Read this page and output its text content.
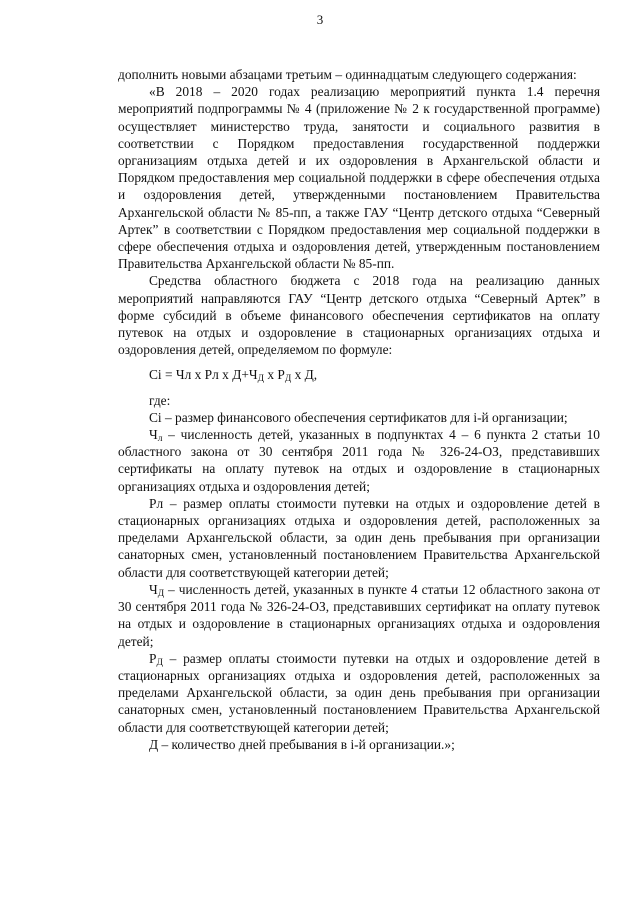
3

дополнить новыми абзацами третьим – одиннадцатым следующего содержания:

«В 2018 – 2020 годах реализацию мероприятий пункта 1.4 перечня мероприятий подпрограммы № 4 (приложение № 2 к государственной программе) осуществляет министерство труда, занятости и социального развития в соответствии с Порядком предоставления государственной поддержки организациям отдыха детей и их оздоровления в Архангельской области и Порядком предоставления мер социальной поддержки в сфере обеспечения отдыха и оздоровления детей, утвержденными постановлением Правительства Архангельской области № 85-пп, а также ГАУ “Центр детского отдыха “Северный Артек” в соответствии с Порядком предоставления мер социальной поддержки в сфере обеспечения отдыха и оздоровления детей, утвержденным постановлением Правительства Архангельской области № 85-пп.

Средства областного бюджета с 2018 года на реализацию данных мероприятий направляются ГАУ “Центр детского отдыха “Северный Артек” в форме субсидий в объеме финансового обеспечения сертификатов на оплату путевок на отдых и оздоровление в стационарных организациях отдыха и оздоровления детей, определяемом по формуле:

Ci = Чл x Рл x $Д+Ч_Д$ x $Р_Д$ x Д,

где:

Ci – размер финансового обеспечения сертификатов для i-й организации;

$Ч_л$ – численность детей, указанных в подпунктах 4 – 6 пункта 2 статьи 10 областного закона от 30 сентября 2011 года № 326-24-ОЗ, представивших сертификаты на оплату путевок на отдых и оздоровление в стационарных организациях отдыха и оздоровления детей;

Рл – размер оплаты стоимости путевки на отдых и оздоровление детей в стационарных организациях отдыха и оздоровления детей, расположенных за пределами Архангельской области, за один день пребывания при организации санаторных смен, установленный постановлением Правительства Архангельской области для соответствующей категории детей;

$Ч_Д$ – численность детей, указанных в пункте 4 статьи 12 областного закона от 30 сентября 2011 года № 326-24-ОЗ, представивших сертификат на оплату путевок на отдых и оздоровление в стационарных организациях отдыха и оздоровления детей;

$Р_Д$ – размер оплаты стоимости путевки на отдых и оздоровление детей в стационарных организациях отдыха и оздоровления детей, расположенных за пределами Архангельской области, за один день пребывания при организации санаторных смен, установленный постановлением Правительства Архангельской области для соответствующей категории детей;

Д – количество дней пребывания в i-й организации.»;
